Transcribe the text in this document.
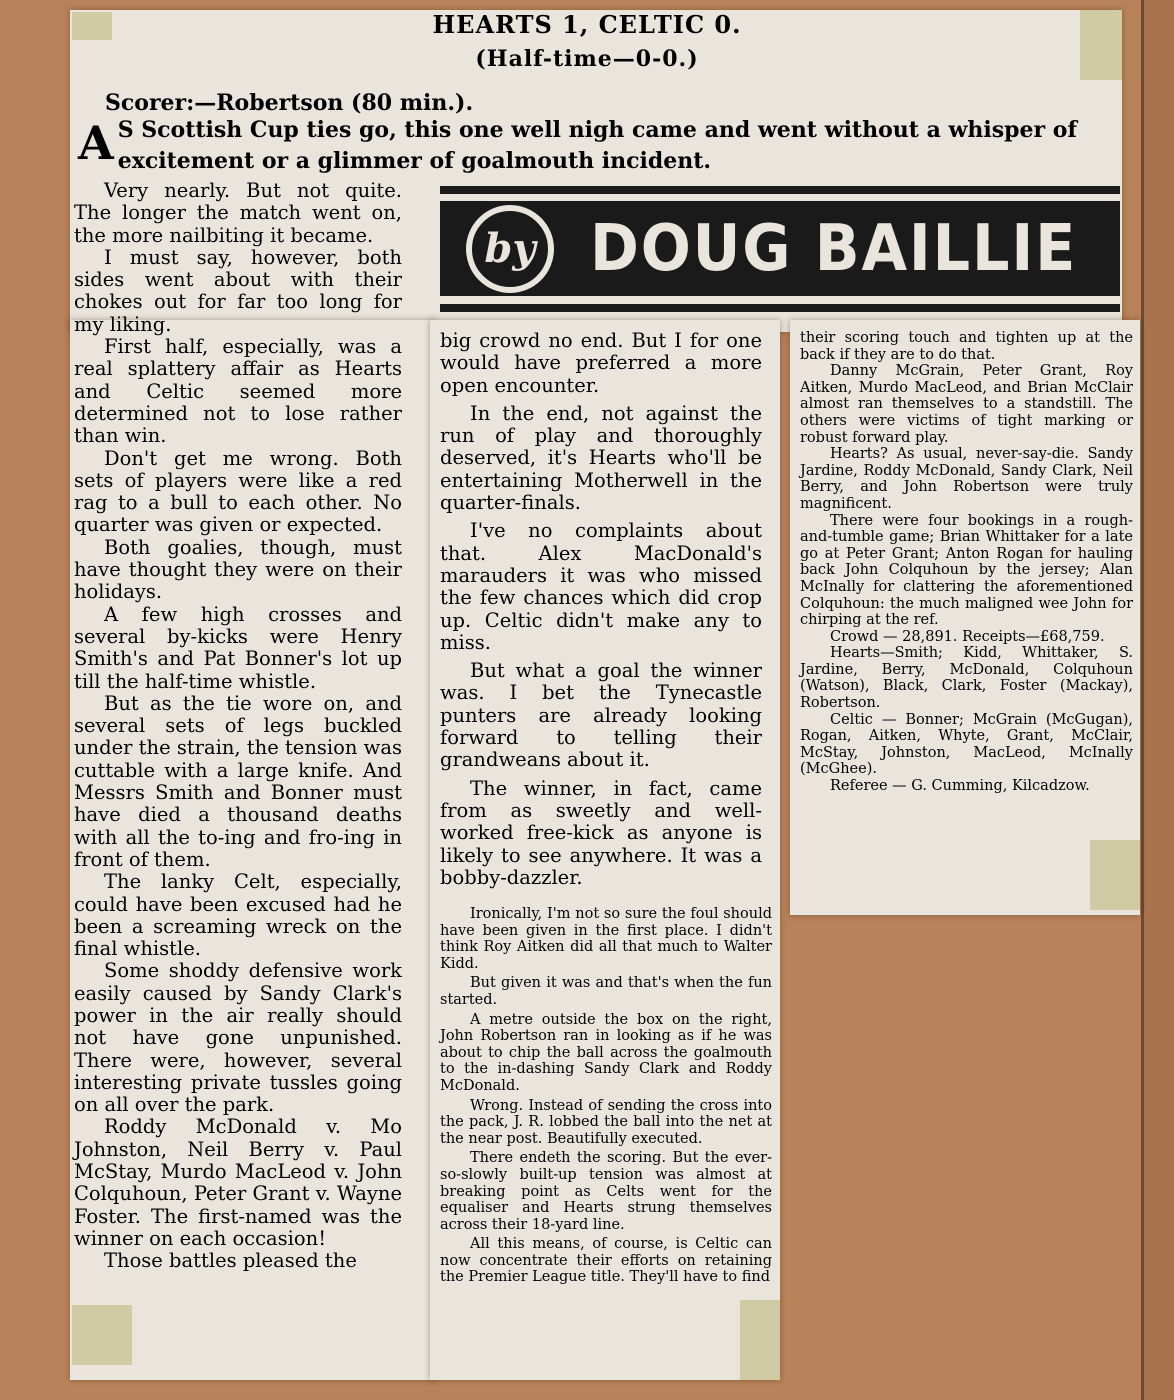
HEARTS 1, CELTIC 0.
(Half-time—0-0.)
Scorer:—Robertson (80 min.).
A S Scottish Cup ties go, this one well nigh came and went without a whisper of excitement or a glimmer of goalmouth incident.
by DOUG BAILLIE

Very nearly. But not quite. The longer the match went on, the more nailbiting it became.

I must say, however, both sides went about with their chokes out for far too long for my liking.

First half, especially, was a real splattery affair as Hearts and Celtic seemed more determined not to lose rather than win.

Don't get me wrong. Both sets of players were like a red rag to a bull to each other. No quarter was given or expected.

Both goalies, though, must have thought they were on their holidays.

A few high crosses and several by-kicks were Henry Smith's and Pat Bonner's lot up till the half-time whistle.

But as the tie wore on, and several sets of legs buckled under the strain, the tension was cuttable with a large knife. And Messrs Smith and Bonner must have died a thousand deaths with all the to-ing and fro-ing in front of them.

The lanky Celt, especially, could have been excused had he been a screaming wreck on the final whistle.

Some shoddy defensive work easily caused by Sandy Clark's power in the air really should not have gone unpunished. There were, however, several interesting private tussles going on all over the park.

Roddy McDonald v. Mo Johnston, Neil Berry v. Paul McStay, Murdo MacLeod v. John Colquhoun, Peter Grant v. Wayne Foster. The first-named was the winner on each occasion!

Those battles pleased the

big crowd no end. But I for one would have preferred a more open encounter.

In the end, not against the run of play and thoroughly deserved, it's Hearts who'll be entertaining Motherwell in the quarter-finals.

I've no complaints about that. Alex MacDonald's marauders it was who missed the few chances which did crop up. Celtic didn't make any to miss.

But what a goal the winner was. I bet the Tynecastle punters are already looking forward to telling their grandweans about it.

The winner, in fact, came from as sweetly and well-worked free-kick as anyone is likely to see anywhere. It was a bobby-dazzler.

Ironically, I'm not so sure the foul should have been given in the first place. I didn't think Roy Aitken did all that much to Walter Kidd.

But given it was and that's when the fun started.

A metre outside the box on the right, John Robertson ran in looking as if he was about to chip the ball across the goalmouth to the in-dashing Sandy Clark and Roddy McDonald.

Wrong. Instead of sending the cross into the pack, J. R. lobbed the ball into the net at the near post. Beautifully executed.

There endeth the scoring. But the ever-so-slowly built-up tension was almost at breaking point as Celts went for the equaliser and Hearts strung themselves across their 18-yard line.

All this means, of course, is Celtic can now concentrate their efforts on retaining the Premier League title. They'll have to find

their scoring touch and tighten up at the back if they are to do that.

Danny McGrain, Peter Grant, Roy Aitken, Murdo MacLeod, and Brian McClair almost ran themselves to a standstill. The others were victims of tight marking or robust forward play.

Hearts? As usual, never-say-die. Sandy Jardine, Roddy McDonald, Sandy Clark, Neil Berry, and John Robertson were truly magnificent.

There were four bookings in a rough-and-tumble game; Brian Whittaker for a late go at Peter Grant; Anton Rogan for hauling back John Colquhoun by the jersey; Alan McInally for clattering the aforementioned Colquhoun: the much maligned wee John for chirping at the ref.

Crowd — 28,891. Receipts—£68,759.

Hearts—Smith; Kidd, Whittaker, S. Jardine, Berry, McDonald, Colquhoun (Watson), Black, Clark, Foster (Mackay), Robertson.

Celtic — Bonner; McGrain (McGugan), Rogan, Aitken, Whyte, Grant, McClair, McStay, Johnston, MacLeod, McInally (McGhee).

Referee — G. Cumming, Kilcadzow.
